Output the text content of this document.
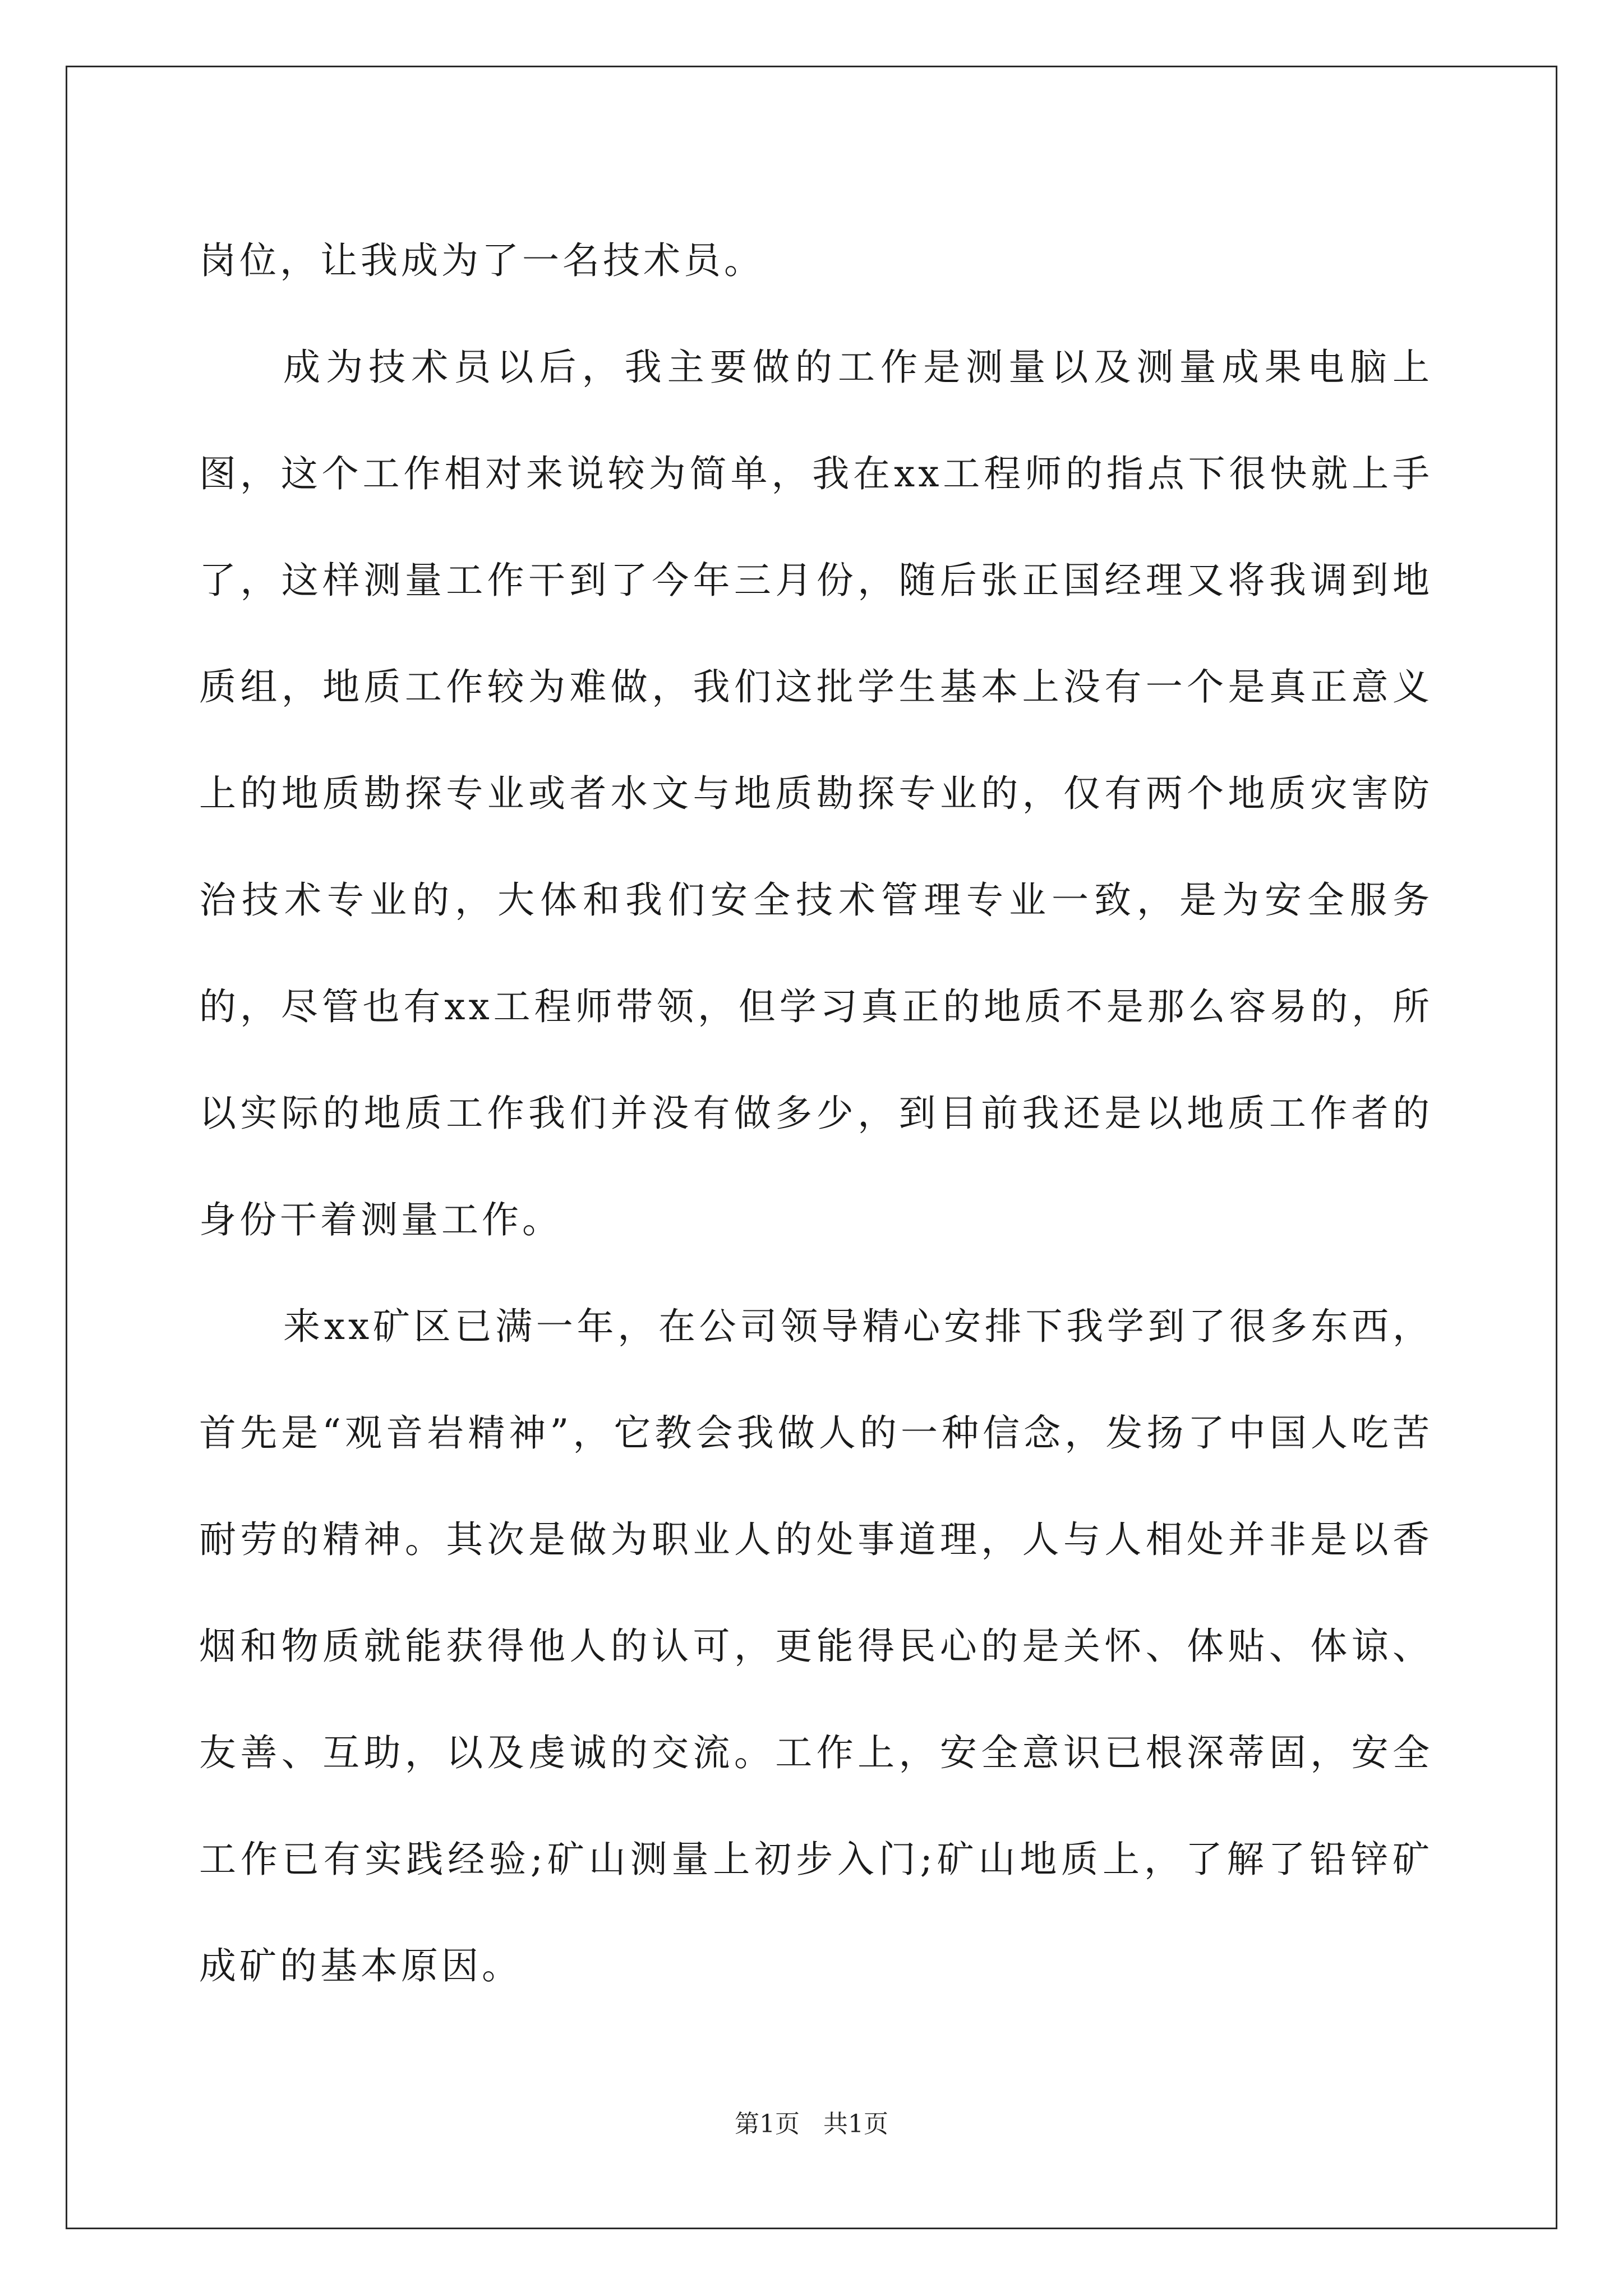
岗位，让我成为了一名技术员。

成为技术员以后，我主要做的工作是测量以及测量成果电脑上图，这个工作相对来说较为简单，我在xx工程师的指点下很快就上手了，这样测量工作干到了今年三月份，随后张正国经理又将我调到地质组，地质工作较为难做，我们这批学生基本上没有一个是真正意义上的地质勘探专业或者水文与地质勘探专业的，仅有两个地质灾害防治技术专业的，大体和我们安全技术管理专业一致，是为安全服务的，尽管也有xx工程师带领，但学习真正的地质不是那么容易的，所以实际的地质工作我们并没有做多少，到目前我还是以地质工作者的身份干着测量工作。

来xx矿区已满一年，在公司领导精心安排下我学到了很多东西，首先是“观音岩精神”，它教会我做人的一种信念，发扬了中国人吃苦耐劳的精神。其次是做为职业人的处事道理，人与人相处并非是以香烟和物质就能获得他人的认可，更能得民心的是关怀、体贴、体谅、友善、互助，以及虔诚的交流。工作上，安全意识已根深蒂固，安全工作已有实践经验;矿山测量上初步入门;矿山地质上，了解了铅锌矿成矿的基本原因。

第1页   共1页
